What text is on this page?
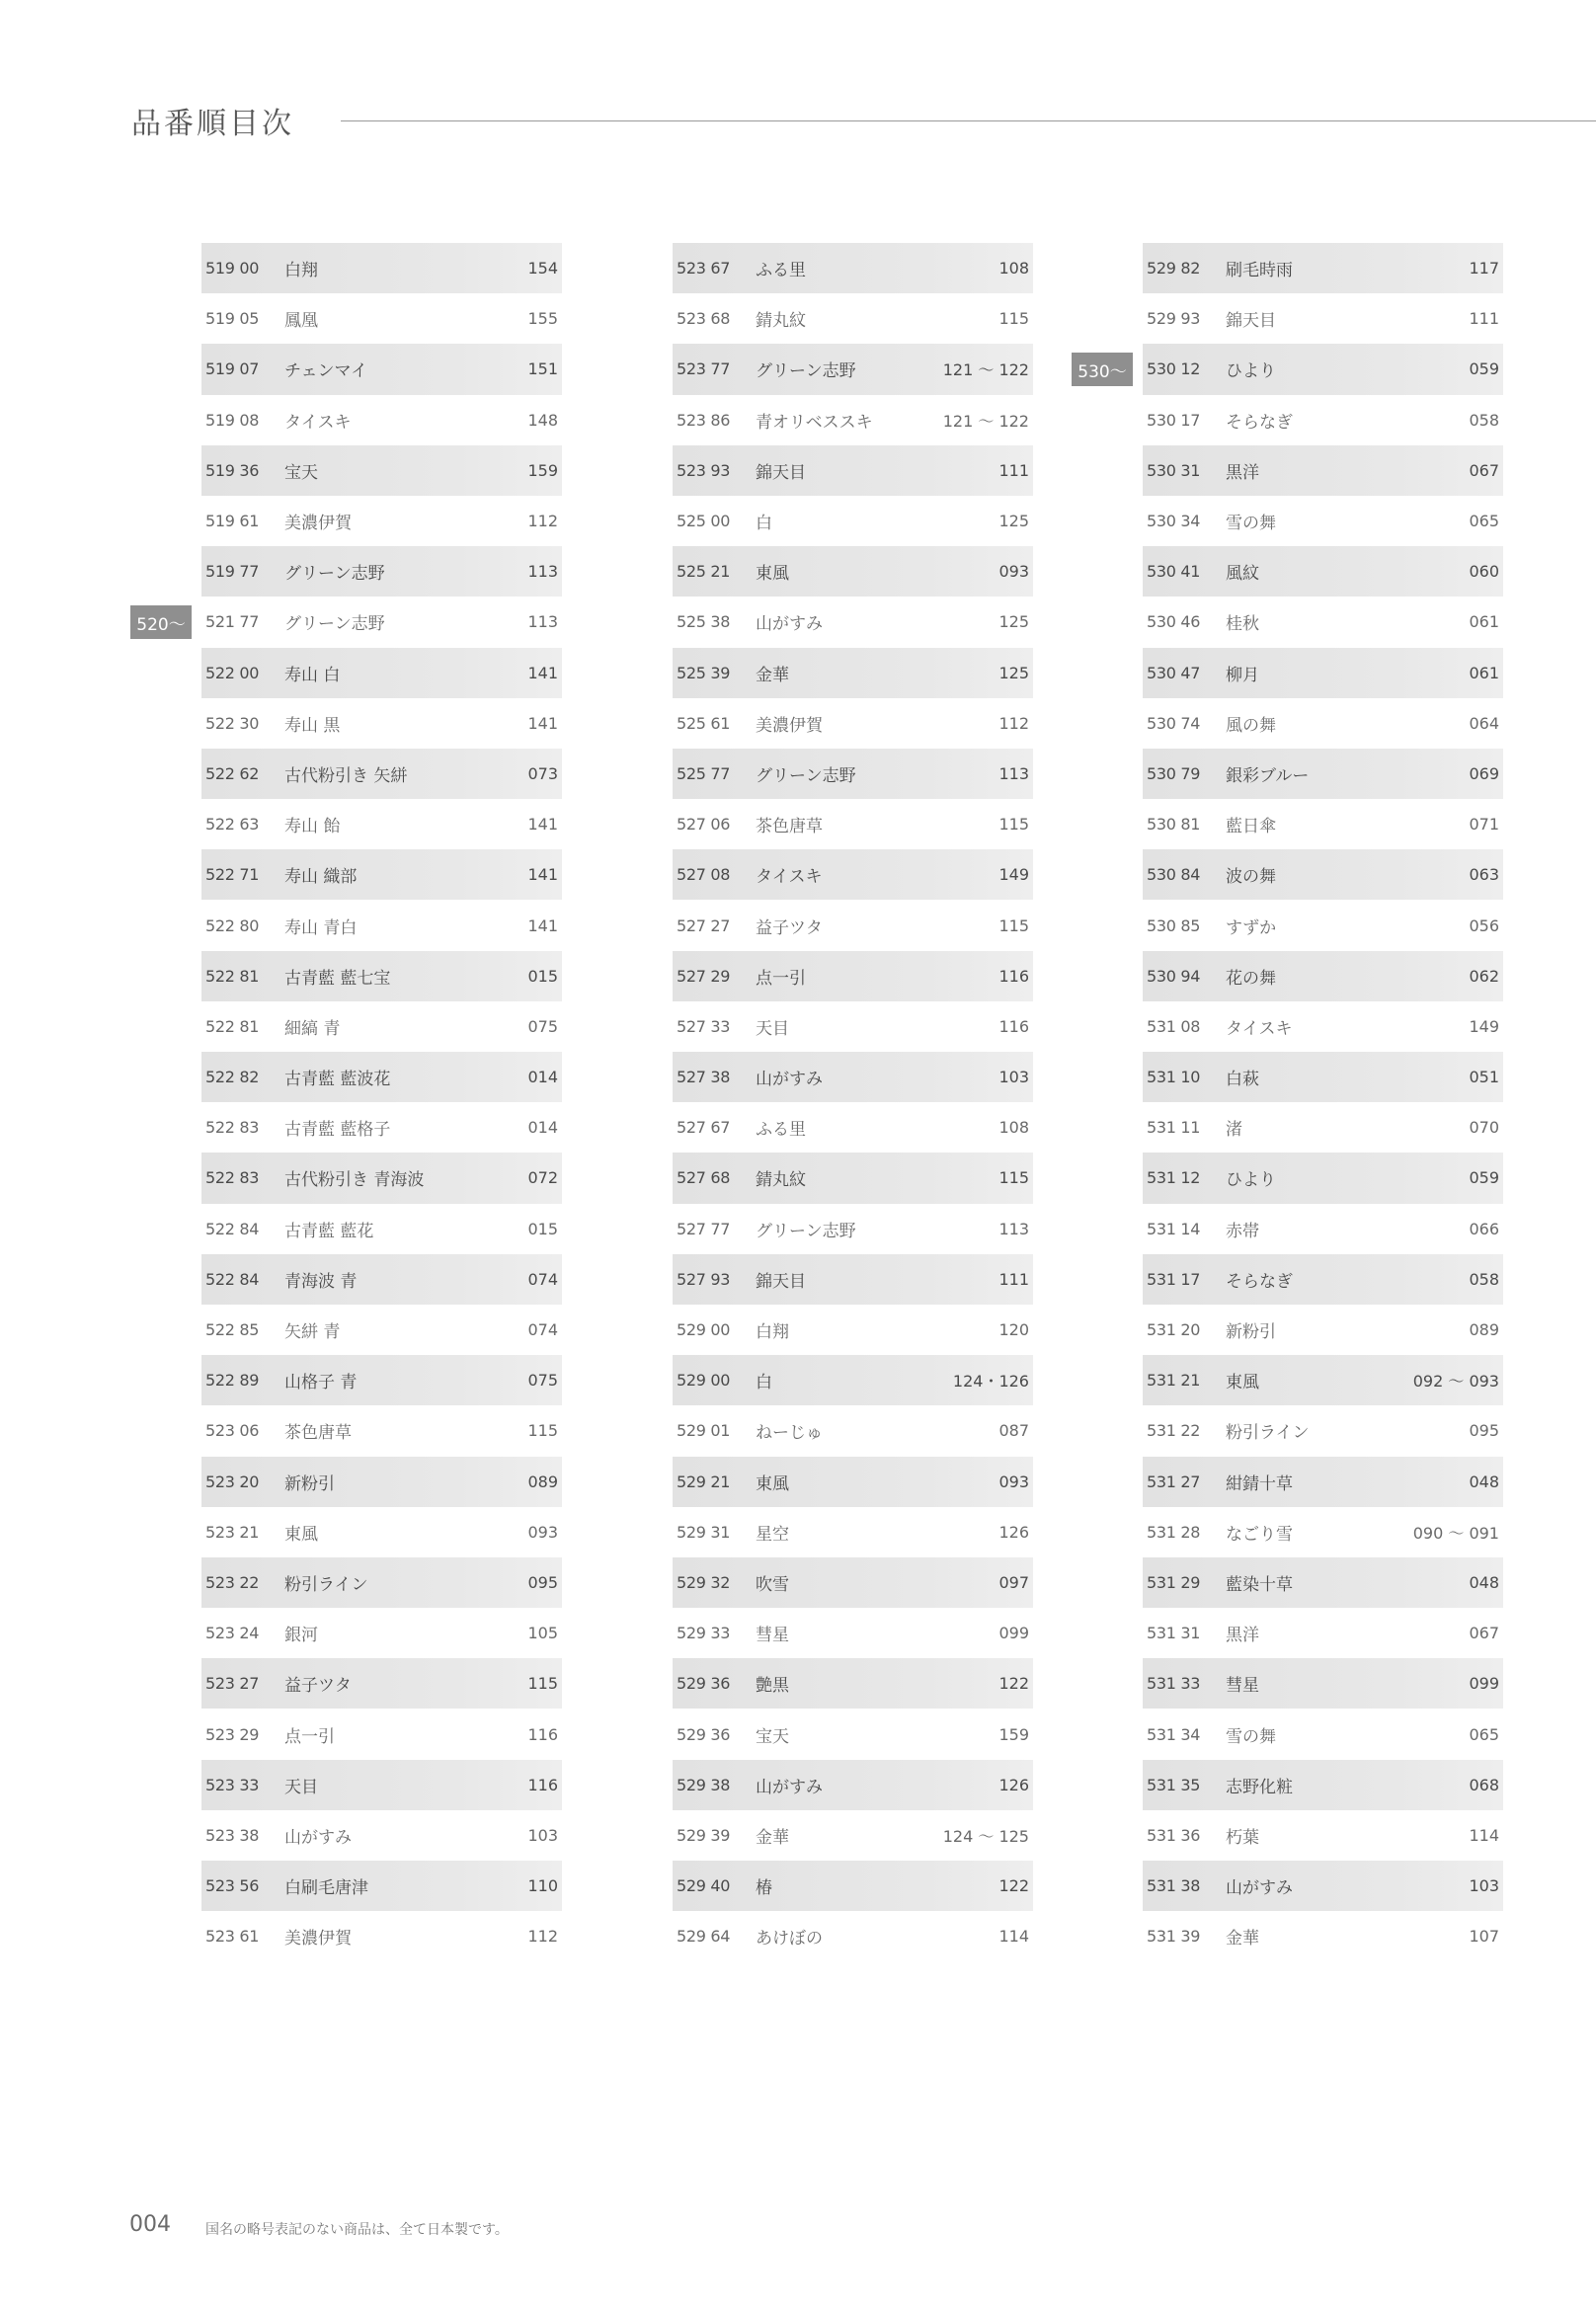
品番順目次
519 00	白翔	154
519 05	鳳凰	155
519 07	チェンマイ	151
519 08	タイスキ	148
519 36	宝天	159
519 61	美濃伊賀	112
519 77	グリーン志野	113
520～	521 77	グリーン志野	113
522 00	寿山 白	141
522 30	寿山 黒	141
522 62	古代粉引き 矢絣	073
522 63	寿山 飴	141
522 71	寿山 織部	141
522 80	寿山 青白	141
522 81	古青藍 藍七宝	015
522 81	細縞 青	075
522 82	古青藍 藍波花	014
522 83	古青藍 藍格子	014
522 83	古代粉引き 青海波	072
522 84	古青藍 藍花	015
522 84	青海波 青	074
522 85	矢絣 青	074
522 89	山格子 青	075
523 06	茶色唐草	115
523 20	新粉引	089
523 21	東風	093
523 22	粉引ライン	095
523 24	銀河	105
523 27	益子ツタ	115
523 29	点一引	116
523 33	天目	116
523 38	山がすみ	103
523 56	白刷毛唐津	110
523 61	美濃伊賀	112
523 67	ふる里	108
523 68	錆丸紋	115
523 77	グリーン志野	121 ～ 122
523 86	青オリベススキ	121 ～ 122
523 93	錦天目	111
525 00	白	125
525 21	東風	093
525 38	山がすみ	125
525 39	金華	125
525 61	美濃伊賀	112
525 77	グリーン志野	113
527 06	茶色唐草	115
527 08	タイスキ	149
527 27	益子ツタ	115
527 29	点一引	116
527 33	天目	116
527 38	山がすみ	103
527 67	ふる里	108
527 68	錆丸紋	115
527 77	グリーン志野	113
527 93	錦天目	111
529 00	白翔	120
529 00	白	124・126
529 01	ねーじゅ	087
529 21	東風	093
529 31	星空	126
529 32	吹雪	097
529 33	彗星	099
529 36	艶黒	122
529 36	宝天	159
529 38	山がすみ	126
529 39	金華	124 ～ 125
529 40	椿	122
529 64	あけぼの	114
529 82	刷毛時雨	117
529 93	錦天目	111
530～	530 12	ひより	059
530 17	そらなぎ	058
530 31	黒洋	067
530 34	雪の舞	065
530 41	風紋	060
530 46	桂秋	061
530 47	柳月	061
530 74	風の舞	064
530 79	銀彩ブルー	069
530 81	藍日傘	071
530 84	波の舞	063
530 85	すずか	056
530 94	花の舞	062
531 08	タイスキ	149
531 10	白萩	051
531 11	渚	070
531 12	ひより	059
531 14	赤帯	066
531 17	そらなぎ	058
531 20	新粉引	089
531 21	東風	092 ～ 093
531 22	粉引ライン	095
531 27	紺錆十草	048
531 28	なごり雪	090 ～ 091
531 29	藍染十草	048
531 31	黒洋	067
531 33	彗星	099
531 34	雪の舞	065
531 35	志野化粧	068
531 36	朽葉	114
531 38	山がすみ	103
531 39	金華	107
004	国名の略号表記のない商品は、全て日本製です。
